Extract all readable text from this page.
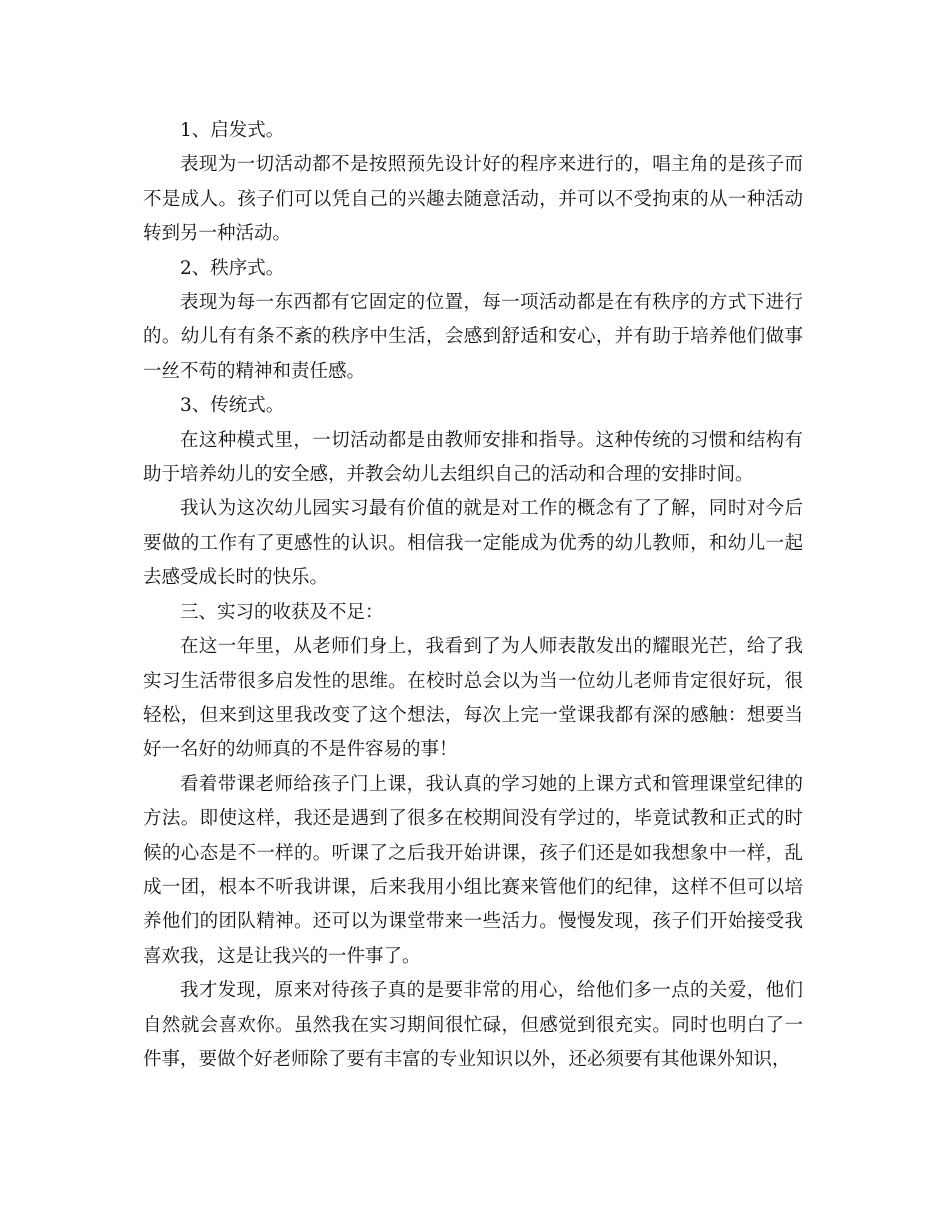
1、启发式。

表现为一切活动都不是按照预先设计好的程序来进行的，唱主角的是孩子而不是成人。孩子们可以凭自己的兴趣去随意活动，并可以不受拘束的从一种活动转到另一种活动。

2、秩序式。

表现为每一东西都有它固定的位置，每一项活动都是在有秩序的方式下进行的。幼儿有有条不紊的秩序中生活，会感到舒适和安心，并有助于培养他们做事一丝不苟的精神和责任感。

3、传统式。

在这种模式里，一切活动都是由教师安排和指导。这种传统的习惯和结构有助于培养幼儿的安全感，并教会幼儿去组织自己的活动和合理的安排时间。

我认为这次幼儿园实习最有价值的就是对工作的概念有了了解，同时对今后要做的工作有了更感性的认识。相信我一定能成为优秀的幼儿教师，和幼儿一起去感受成长时的快乐。

三、实习的收获及不足：

在这一年里，从老师们身上，我看到了为人师表散发出的耀眼光芒，给了我实习生活带很多启发性的思维。在校时总会以为当一位幼儿老师肯定很好玩，很轻松，但来到这里我改变了这个想法，每次上完一堂课我都有深的感触：想要当好一名好的幼师真的不是件容易的事！

看着带课老师给孩子门上课，我认真的学习她的上课方式和管理课堂纪律的方法。即使这样，我还是遇到了很多在校期间没有学过的，毕竟试教和正式的时候的心态是不一样的。听课了之后我开始讲课，孩子们还是如我想象中一样，乱成一团，根本不听我讲课，后来我用小组比赛来管他们的纪律，这样不但可以培养他们的团队精神。还可以为课堂带来一些活力。慢慢发现，孩子们开始接受我喜欢我，这是让我兴的一件事了。

我才发现，原来对待孩子真的是要非常的用心，给他们多一点的关爱，他们自然就会喜欢你。虽然我在实习期间很忙碌，但感觉到很充实。同时也明白了一件事，要做个好老师除了要有丰富的专业知识以外，还必须要有其他课外知识，
